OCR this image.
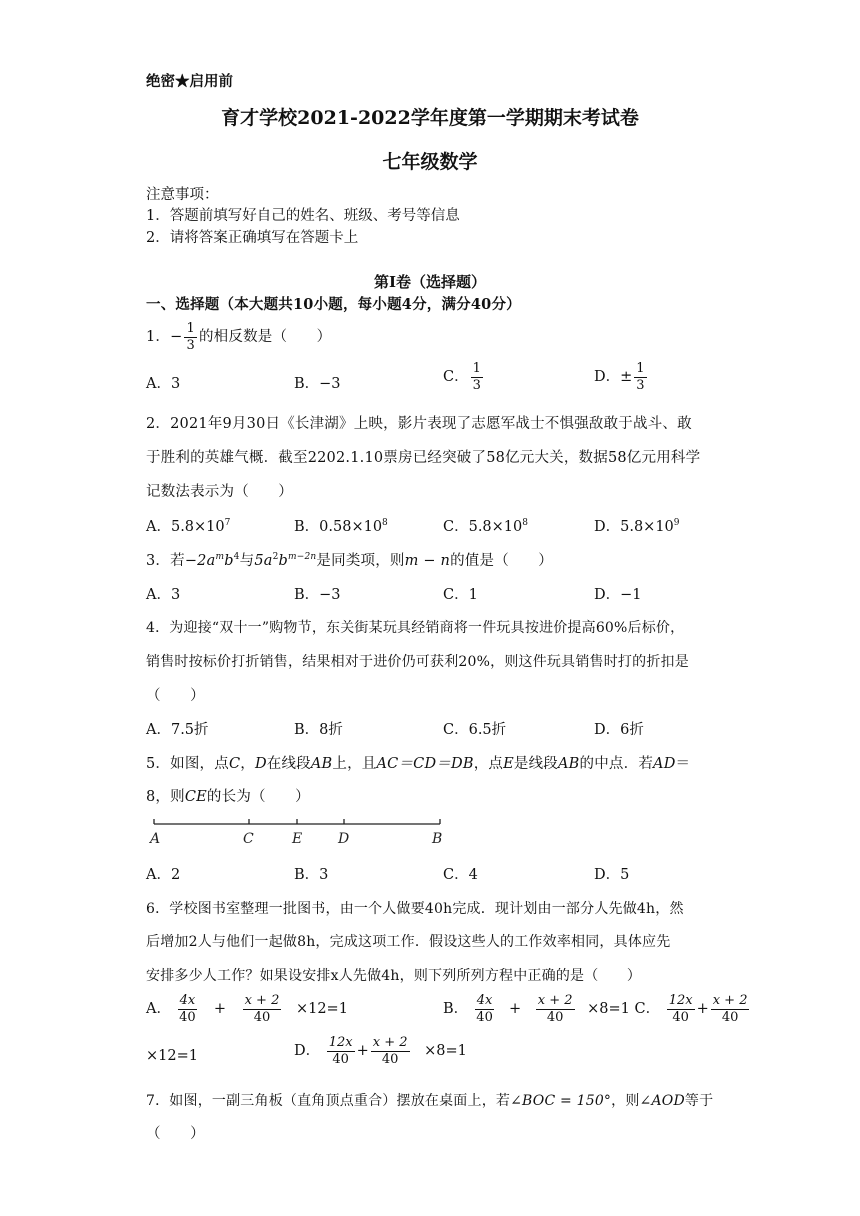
绝密★启用前
育才学校2021-2022学年度第一学期期末考试卷
七年级数学
注意事项：
1．答题前填写好自己的姓名、班级、考号等信息
2．请将答案正确填写在答题卡上
第Ⅰ卷（选择题）
一、选择题（本大题共10小题，每小题4分，满分40分）
1．− $\frac{1}{3}$ 的相反数是（　　）
A．3	B．−3	C． $\frac{1}{3}$	D．± $\frac{1}{3}$
2．2021年9月30日《长津湖》上映，影片表现了志愿军战士不惧强敌敢于战斗、敢
于胜利的英雄气概．截至2202.1.10票房已经突破了58亿元大关，数据58亿元用科学
记数法表示为（　　）
A．$5.8\times 10^7$	B．$0.58\times 10^8$	C．$5.8\times 10^8$	D．$5.8\times 10^9$
3．若$-2a^mb^4$与$5a^2b^{m-2n}$是同类项，则m − n的值是（　　）
A．3	B．−3	C．1	D．−1
4．为迎接“双十一”购物节，东关街某玩具经销商将一件玩具按进价提高60%后标价，
销售时按标价打折销售，结果相对于进价仍可获利20%，则这件玩具销售时打的折扣是
（　　）
A．7.5折	B．8折	C．6.5折	D．6折
5．如图，点C，D在线段AB上，且AC＝CD＝DB，点E是线段AB的中点．若AD＝
8，则CE的长为（　　）
A	C	E	D	B
A．2	B．3	C．4	D．5
6．学校图书室整理一批图书，由一个人做要40h完成．现计划由一部分人先做4h，然
后增加2人与他们一起做8h，完成这项工作．假设这些人的工作效率相同，具体应先
安排多少人工作？如果设安排x人先做4h，则下列所列方程中正确的是（　　）
A． $\frac{4x}{40} + \frac{x + 2}{40} \times 12=1$	B． $\frac{4x}{40} + \frac{x + 2}{40} \times 8=1$ C． $\frac{12x}{40} + \frac{x + 2}{40}$
×12=1	D． $\frac{12x}{40} + \frac{x + 2}{40} \times 8=1$
7．如图，一副三角板（直角顶点重合）摆放在桌面上，若∠BOC = 150°，则∠AOD等于
（　　）
